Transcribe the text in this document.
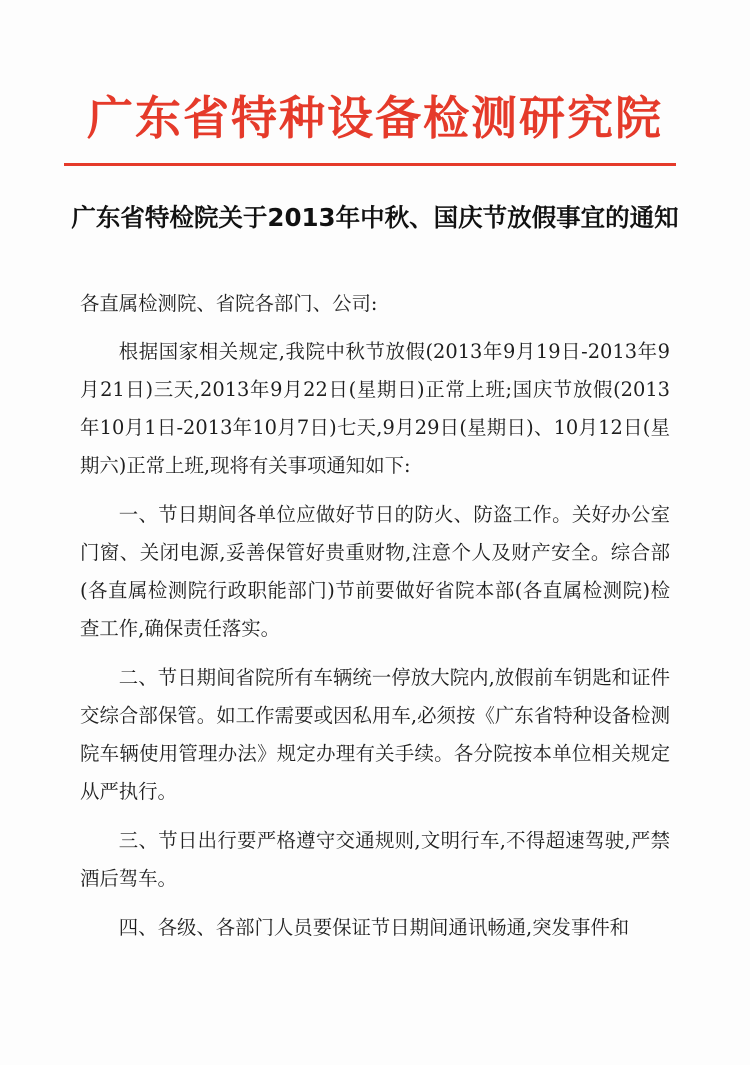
广东省特种设备检测研究院
广东省特检院关于2013年中秋、国庆节放假事宜的通知

各直属检测院、省院各部门、公司:

根据国家相关规定,我院中秋节放假(2013年9月19日-2013年9月21日)三天,2013年9月22日(星期日)正常上班;国庆节放假(2013年10月1日-2013年10月7日)七天,9月29日(星期日)、10月12日(星期六)正常上班,现将有关事项通知如下:

一、节日期间各单位应做好节日的防火、防盗工作。关好办公室门窗、关闭电源,妥善保管好贵重财物,注意个人及财产安全。综合部(各直属检测院行政职能部门)节前要做好省院本部(各直属检测院)检查工作,确保责任落实。

二、节日期间省院所有车辆统一停放大院内,放假前车钥匙和证件交综合部保管。如工作需要或因私用车,必须按《广东省特种设备检测院车辆使用管理办法》规定办理有关手续。各分院按本单位相关规定从严执行。

三、节日出行要严格遵守交通规则,文明行车,不得超速驾驶,严禁酒后驾车。

四、各级、各部门人员要保证节日期间通讯畅通,突发事件和
